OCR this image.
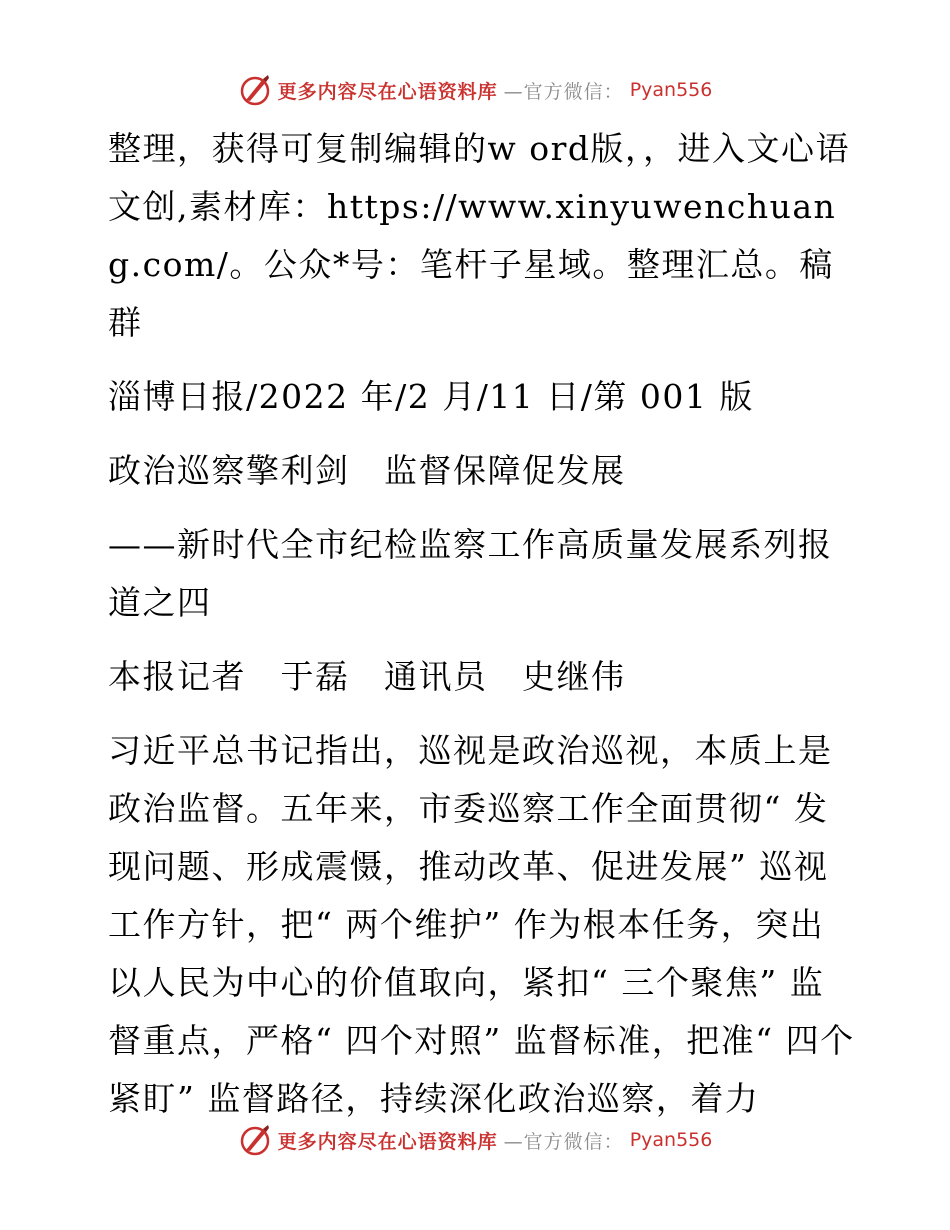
更多内容尽在心语资料库 —官方微信： Pyan556

整理，获得可复制编辑的w ord版，，进入文心语文创,素材库：https://www.xinyuwenchuang.com/。公众*号：笔杆子星域。整理汇总。稿群

淄博日报/2022 年/2 月/11 日/第 001 版

政治巡察擎利剑　监督保障促发展

——新时代全市纪检监察工作高质量发展系列报道之四

本报记者　于磊　通讯员　史继伟

习近平总书记指出，巡视是政治巡视，本质上是政治监督。五年来，市委巡察工作全面贯彻“ 发现问题、形成震慑，推动改革、促进发展” 巡视工作方针，把“ 两个维护” 作为根本任务，突出以人民为中心的价值取向，紧扣“ 三个聚焦” 监督重点，严格“ 四个对照” 监督标准，把准“ 四个紧盯” 监督路径，持续深化政治巡察，着力

更多内容尽在心语资料库 —官方微信： Pyan556
